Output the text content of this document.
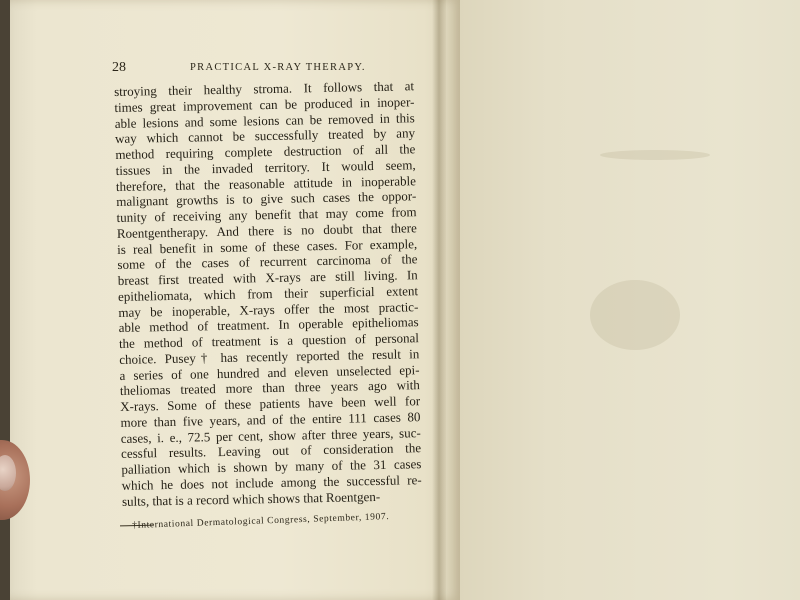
28	PRACTICAL X-RAY THERAPY.
stroying their healthy stroma. It follows that at
times great improvement can be produced in inoper-
able lesions and some lesions can be removed in this
way which cannot be successfully treated by any
method requiring complete destruction of all the
tissues in the invaded territory. It would seem,
therefore, that the reasonable attitude in inoperable
malignant growths is to give such cases the oppor-
tunity of receiving any benefit that may come from
Roentgentherapy. And there is no doubt that there
is real benefit in some of these cases. For example,
some of the cases of recurrent carcinoma of the
breast first treated with X-rays are still living. In
epitheliomata, which from their superficial extent
may be inoperable, X-rays offer the most practic-
able method of treatment. In operable epitheliomas
the method of treatment is a question of personal
choice. Pusey† has recently reported the result in
a series of one hundred and eleven unselected epi-
theliomas treated more than three years ago with
X-rays. Some of these patients have been well for
more than five years, and of the entire 111 cases 80
cases, i. e., 72.5 per cent, show after three years, suc-
cessful results. Leaving out of consideration the
palliation which is shown by many of the 31 cases
which he does not include among the successful re-
sults, that is a record which shows that Roentgen-
†International Dermatological Congress, September, 1907.
